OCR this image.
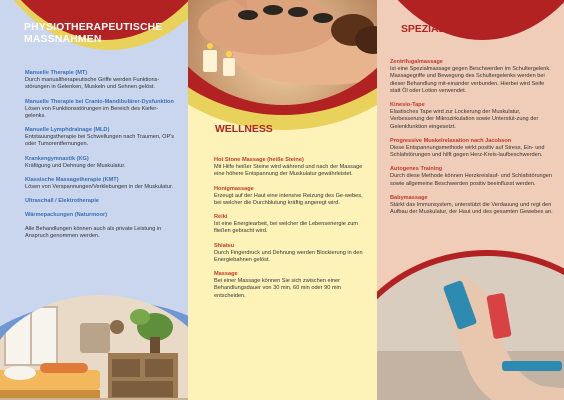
PHYSIOTHERAPEUTISCHE MASSNAHMEN
Manuelle Therapie (MT)
Durch manualtherapeutische Griffe werden Funktions-störungen in Gelenken, Muskeln und Sehnen gelöst.
Manuelle Therapie bei Cranio-Mandibulärer-Dysfunktion
Lösen von Funktionsstörungen im Bereich des Kiefer-gelenks.
Manuelle Lymphdrainage (MLD)
Entstauungstherapie bei Schwellungen nach Traumen, OP's oder Tumorentfernungen.
Krankengymnastik (KG)
Kräftigung und Dehnung der Muskulatur.
Klassische Massagetherapie (KMT)
Lösen von Verspannungen/Verklebungen in der Muskulatur.
Ultraschall / Elektrotherapie
Wärmepackungen (Naturmoor)
Alle Behandlungen können auch als private Leistung in Anspruch genommen werden.
WELLNESS
Hot Stone Massage (heiße Steine)
Mit Hilfe heißer Steine wird während und nach der Massage eine höhere Entspannung der Muskulatur gewährleistet.
Honigmassage
Erzeugt auf der Haut eine intensive Reizung des Ge-webes, bei welcher die Durchblutung kräftig angeregt wird.
Reiki
Ist eine Energiearbeit, bei welcher die Lebensenergie zum fließen gebracht wird.
Shiatsu
Durch Fingerdruck und Dehnung werden Blockierung in den Energiebahnen gelöst.
Massage
Bei einer Massage können Sie sich zwischen einer Behandlungsdauer von 30 min, 60 min oder 90 min entscheiden.
SPEZIALISIERUNGEN
Zentrifugalmassage
Ist eine Spezialmassage gegen Beschwerden im Schultergelenk. Massagegriffe und Bewegung des Schultergelenks werden bei dieser Behandlung mit-einander verbunden. Hierbei wird Seife statt Öl oder Lotion verwendet.
Kinesio-Tape
Elastisches Tape wird zur Lockerung der Muskulatur, Verbesserung der Mikrozirkulation sowie Unterstüt-zung der Gelenkfunktion eingesetzt.
Progressive Muskelrelaxation nach Jacobson
Diese Entspannungsmethode wirkt positiv auf Stress, Ein- und Schlafstörungen und hilft gegen Herz-Kreis-laufbeschwerden.
Autogenes Training
Durch diese Methode können Herzkreislauf- und Schlafstörungen sowie allgemeine Beschwerden positiv beeinflusst werden.
Babymassage
Stärkt das Immunsystem, unterstützt die Verdauung und regt den Aufbau der Muskulatur, der Haut und des gesamten Gewebes an.
